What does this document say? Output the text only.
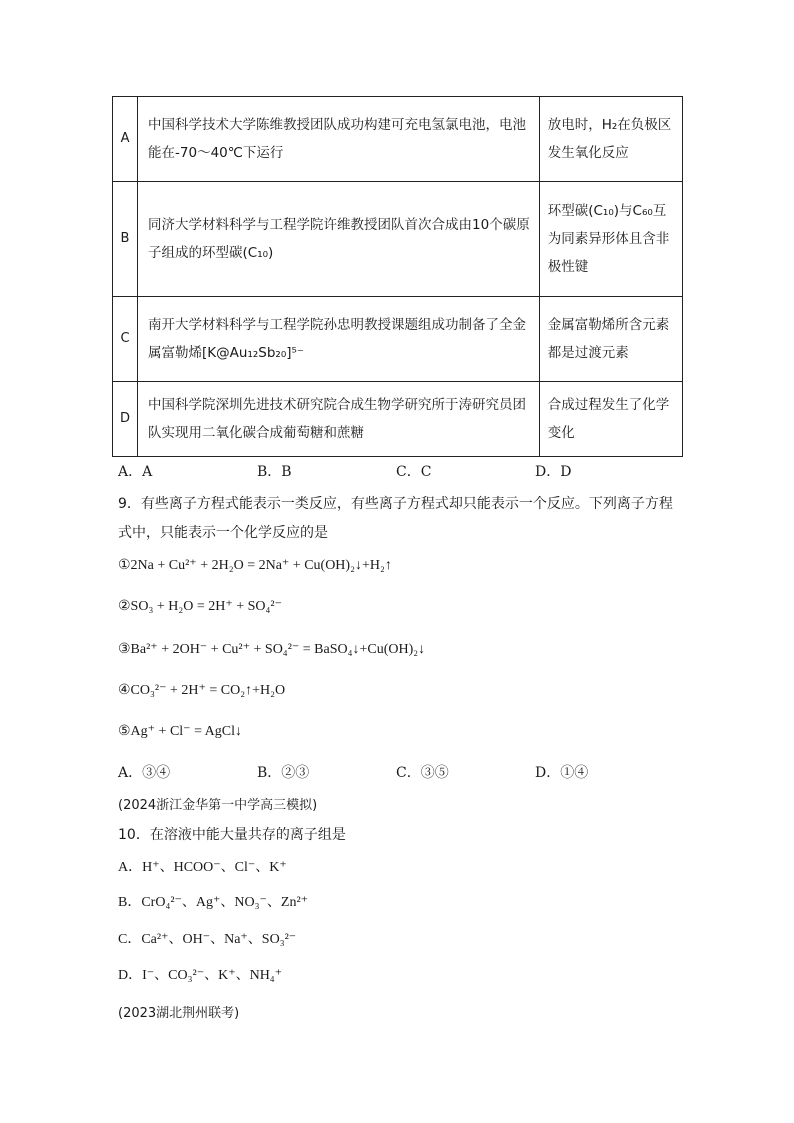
A	中国科学技术大学陈维教授团队成功构建可充电氢氯电池，电池能在-70～40℃下运行	放电时，H₂在负极区发生氧化反应
B	同济大学材料科学与工程学院许维教授团队首次合成由10个碳原子组成的环型碳(C₁₀)	环型碳(C₁₀)与C₆₀互为同素异形体且含非极性键
C	南开大学材料科学与工程学院孙忠明教授课题组成功制备了全金属富勒烯[K@Au₁₂Sb₂₀]⁵⁻	金属富勒烯所含元素都是过渡元素
D	中国科学院深圳先进技术研究院合成生物学研究所于涛研究员团队实现用二氧化碳合成葡萄糖和蔗糖	合成过程发生了化学变化
A．A	B．B	C．C	D．D
9．有些离子方程式能表示一类反应，有些离子方程式却只能表示一个反应。下列离子方程
式中，只能表示一个化学反应的是
①2Na + Cu²⁺ + 2H₂O = 2Na⁺ + Cu(OH)₂↓+H₂↑
②SO₃ + H₂O = 2H⁺ + SO₄²⁻
③Ba²⁺ + 2OH⁻ + Cu²⁺ + SO₄²⁻ = BaSO₄↓+Cu(OH)₂↓
④CO₃²⁻ + 2H⁺ = CO₂↑+H₂O
⑤Ag⁺ + Cl⁻ = AgCl↓
A．③④	B．②③	C．③⑤	D．①④
(2024浙江金华第一中学高三模拟)
10．在溶液中能大量共存的离子组是
A．H⁺、HCOO⁻、Cl⁻、K⁺
B．CrO₄²⁻、Ag⁺、NO₃⁻、Zn²⁺
C．Ca²⁺、OH⁻、Na⁺、SO₃²⁻
D．I⁻、CO₃²⁻、K⁺、NH₄⁺
(2023湖北荆州联考)
